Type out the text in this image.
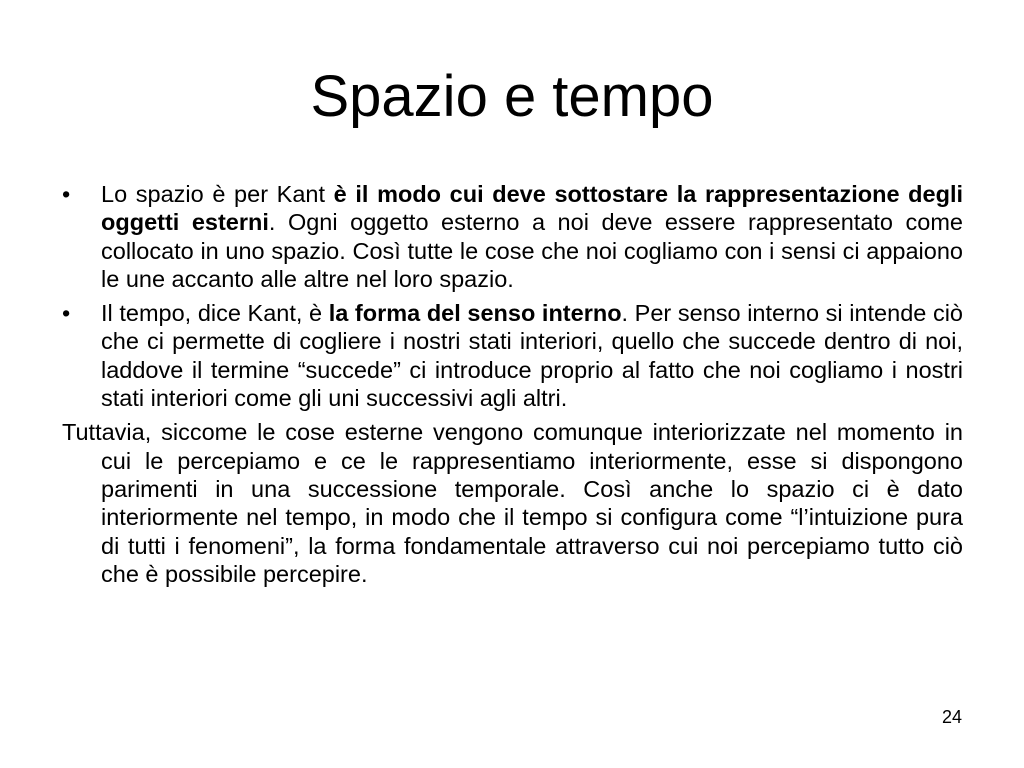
Spazio e tempo
• Lo spazio è per Kant è il modo cui deve sottostare la rappresentazione degli oggetti esterni. Ogni oggetto esterno a noi deve essere rappresentato come collocato in uno spazio. Così tutte le cose che noi cogliamo con i sensi ci appaiono le une accanto alle altre nel loro spazio.
• Il tempo, dice Kant, è la forma del senso interno. Per senso interno si intende ciò che ci permette di cogliere i nostri stati interiori, quello che succede dentro di noi, laddove il termine “succede” ci introduce proprio al fatto che noi cogliamo i nostri stati interiori come gli uni successivi agli altri.

Tuttavia, siccome le cose esterne vengono comunque interiorizzate nel momento in cui le percepiamo e ce le rappresentiamo interiormente, esse si dispongono parimenti in una successione temporale. Così anche lo spazio ci è dato interiormente nel tempo, in modo che il tempo si configura come “l’intuizione pura di tutti i fenomeni”, la forma fondamentale attraverso cui noi percepiamo tutto ciò che è possibile percepire.

24
